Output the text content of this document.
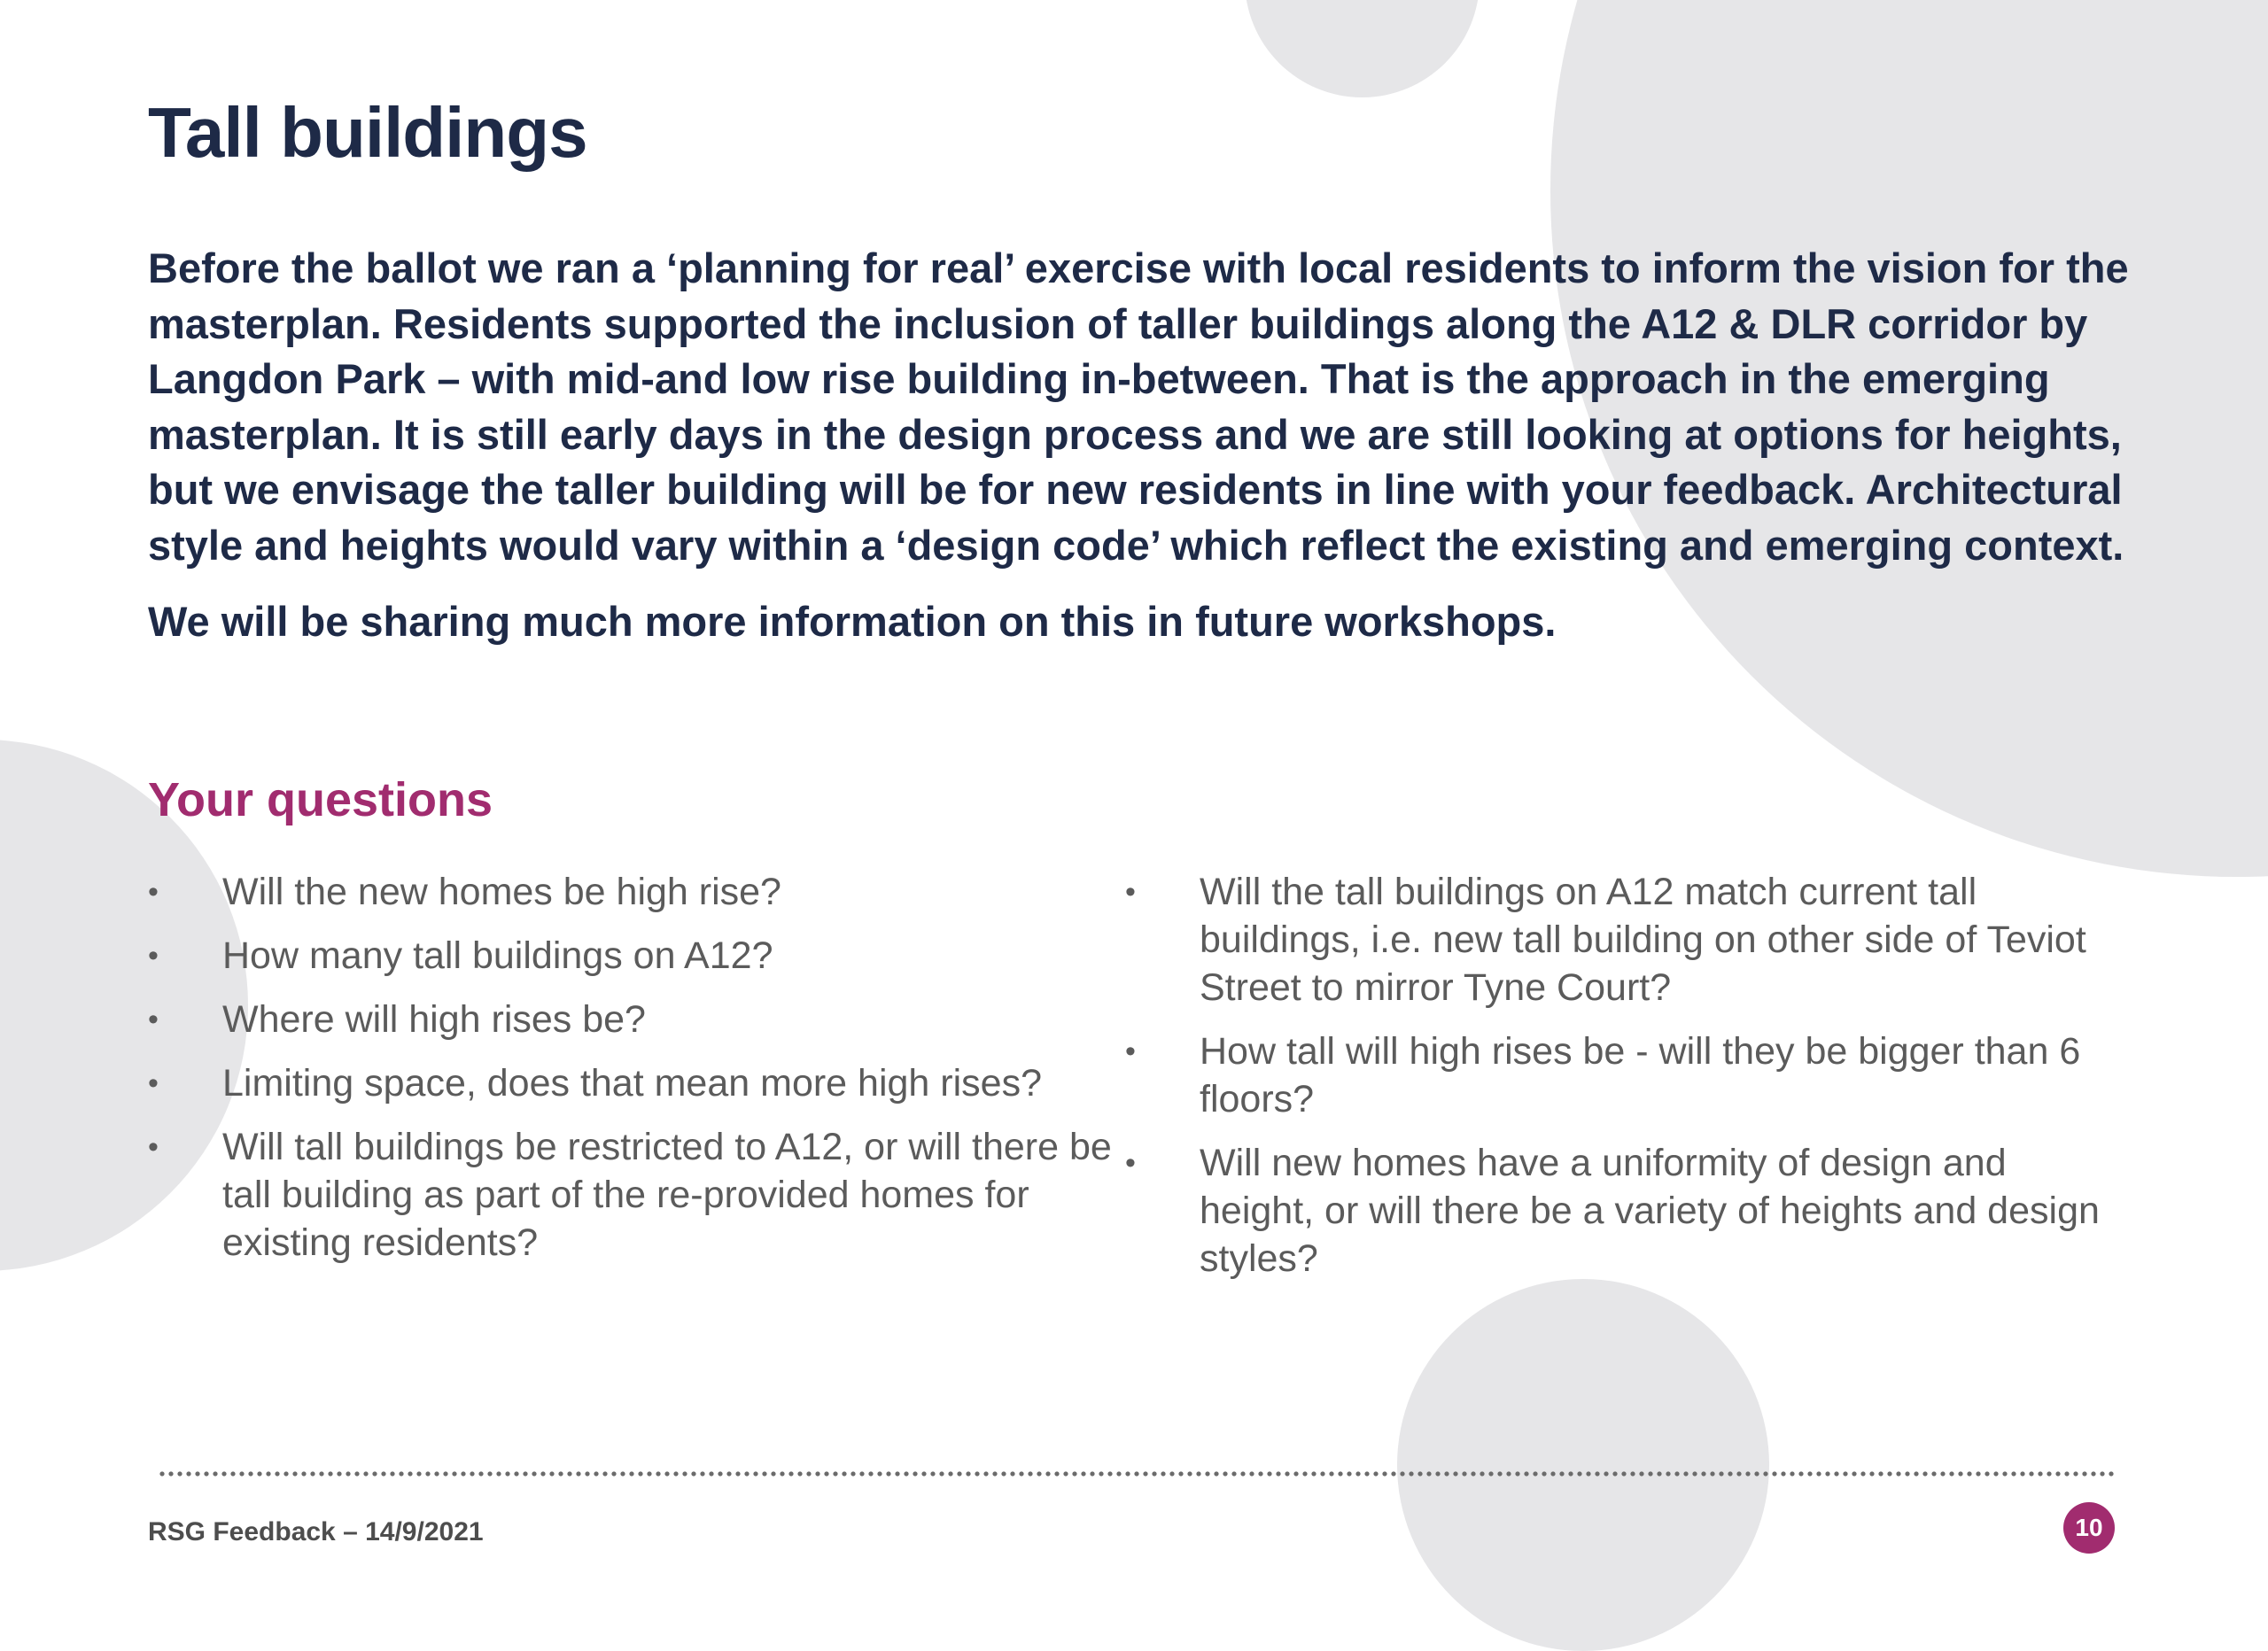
Tall buildings

Before the ballot we ran a ‘planning for real’ exercise with local residents to inform the vision for the masterplan. Residents supported the inclusion of taller buildings along the A12 & DLR corridor by Langdon Park – with mid-and low rise building in-between. That is the approach in the emerging masterplan. It is still early days in the design process and we are still looking at options for heights, but we envisage the taller building will be for new residents in line with your feedback. Architectural style and heights would vary within a ‘design code’ which reflect the existing and emerging context.

We will be sharing much more information on this in future workshops.

Your questions
• Will the new homes be high rise?
• How many tall buildings on A12?
• Where will high rises be?
• Limiting space, does that mean more high rises?
• Will tall buildings be restricted to A12, or will there be tall building as part of the re-provided homes for existing residents?
• Will the tall buildings on A12 match current tall buildings, i.e. new tall building on other side of Teviot Street to mirror Tyne Court?
• How tall will high rises be - will they be bigger than 6 floors?
• Will new homes have a uniformity of design and height, or will there be a variety of heights and design styles?
RSG Feedback – 14/9/2021	10
